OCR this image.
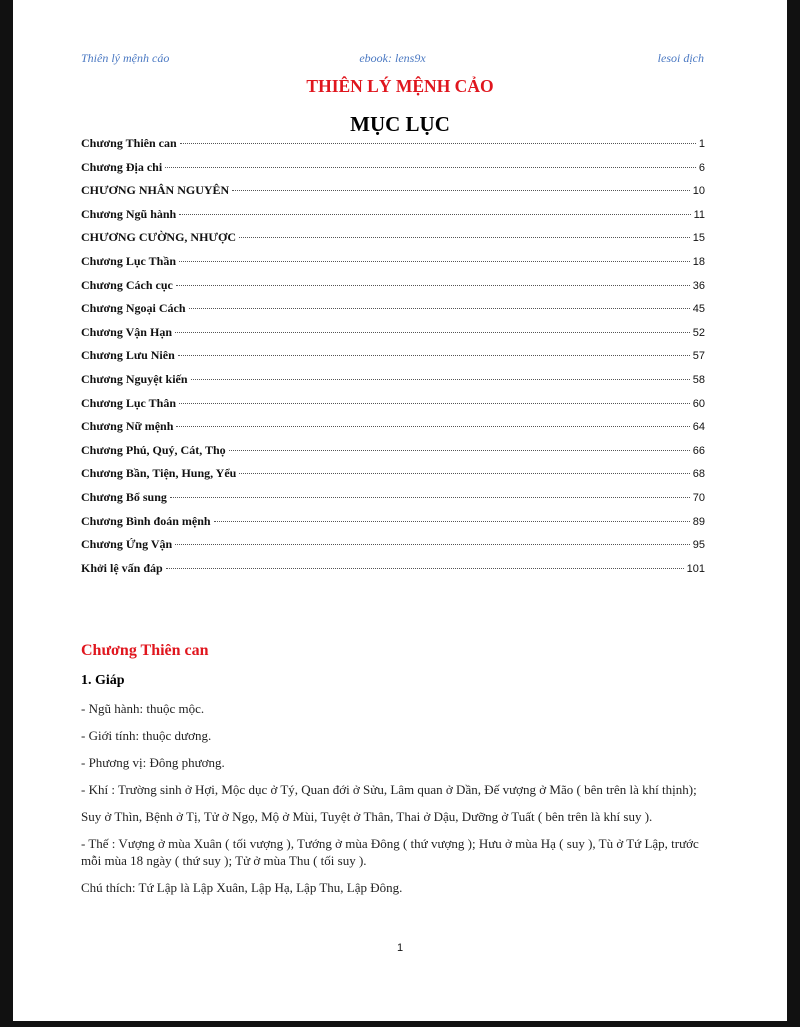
Thiên lý mệnh cáo	ebook: lens9x	lesoi dịch
THIÊN LÝ MỆNH CẢO
MỤC LỤC
Chương Thiên can	1
Chương Địa chi	6
CHƯƠNG NHÂN NGUYÊN	10
Chương Ngũ hành	11
CHƯƠNG CƯỜNG, NHƯỢC	15
Chương Lục Thần	18
Chương Cách cục	36
Chương Ngoại Cách	45
Chương Vận Hạn	52
Chương Lưu Niên	57
Chương Nguyệt kiến	58
Chương Lục Thân	60
Chương Nữ mệnh	64
Chương Phú, Quý, Cát, Thọ	66
Chương Bần, Tiện, Hung, Yểu	68
Chương Bổ sung	70
Chương Bình đoán mệnh	89
Chương Ứng Vận	95
Khởi lệ vấn đáp	101
Chương Thiên can
1. Giáp

- Ngũ hành: thuộc mộc.

- Giới tính: thuộc dương.

- Phương vị: Đông phương.

- Khí : Trường sinh ở Hợi, Mộc dục ở Tý, Quan đới ở Sửu, Lâm quan ở Dần, Đế vượng ở Mão ( bên trên là khí thịnh);

Suy ở Thìn, Bệnh ở Tị, Tử ở Ngọ, Mộ ở Mùi, Tuyệt ở Thân, Thai ở Dậu, Dưỡng ở Tuất ( bên trên là khí suy ).

- Thế : Vượng ở mùa Xuân ( tối vượng ), Tướng ở mùa Đông ( thứ vượng ); Hưu ở mùa Hạ ( suy ), Tù ở Tứ Lập, trước mỗi mùa 18 ngày ( thứ suy ); Tử ở mùa Thu ( tối suy ).

Chú thích: Tứ Lập là Lập Xuân, Lập Hạ, Lập Thu, Lập Đông.

1
